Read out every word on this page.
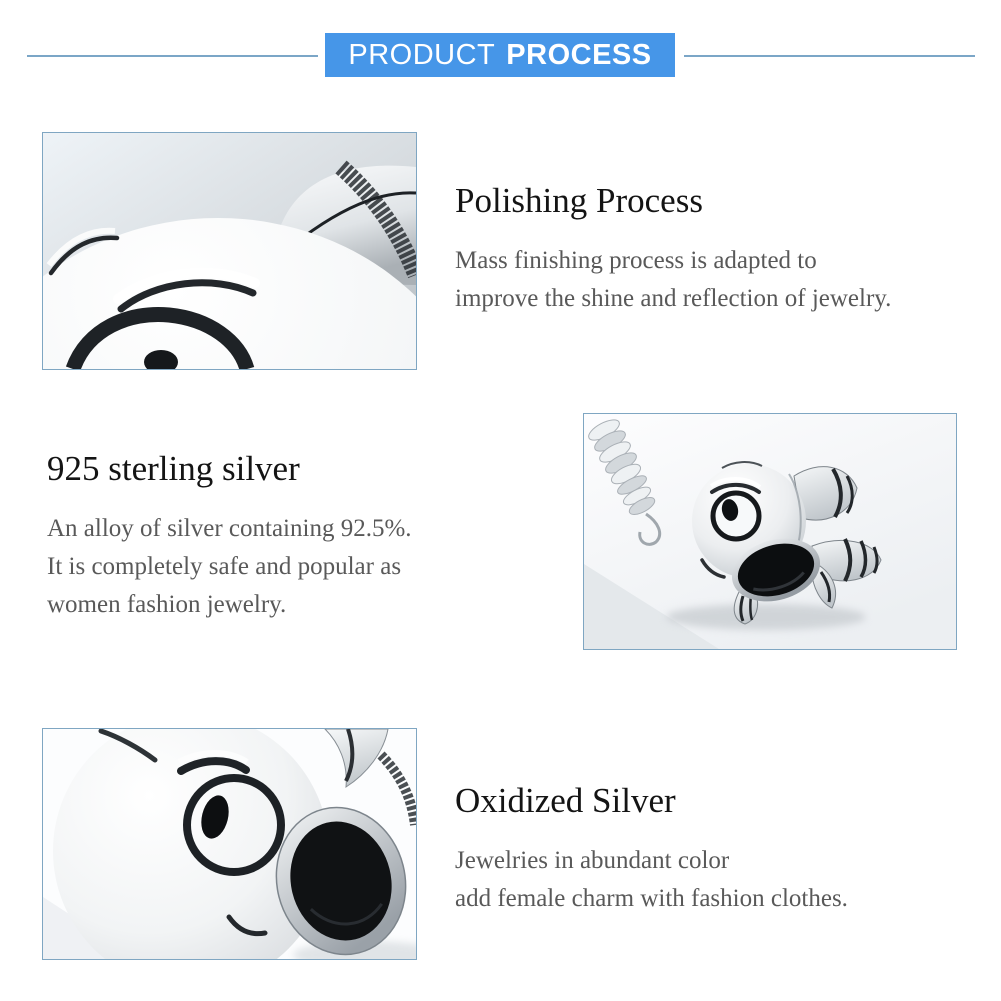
PRODUCT PROCESS
Polishing Process

Mass finishing process is adapted to
improve the shine and reflection of jewelry.

925 sterling silver

An alloy of silver containing 92.5%.
It is completely safe and popular as
women fashion jewelry.

Oxidized Silver

Jewelries in abundant color
add female charm with fashion clothes.
